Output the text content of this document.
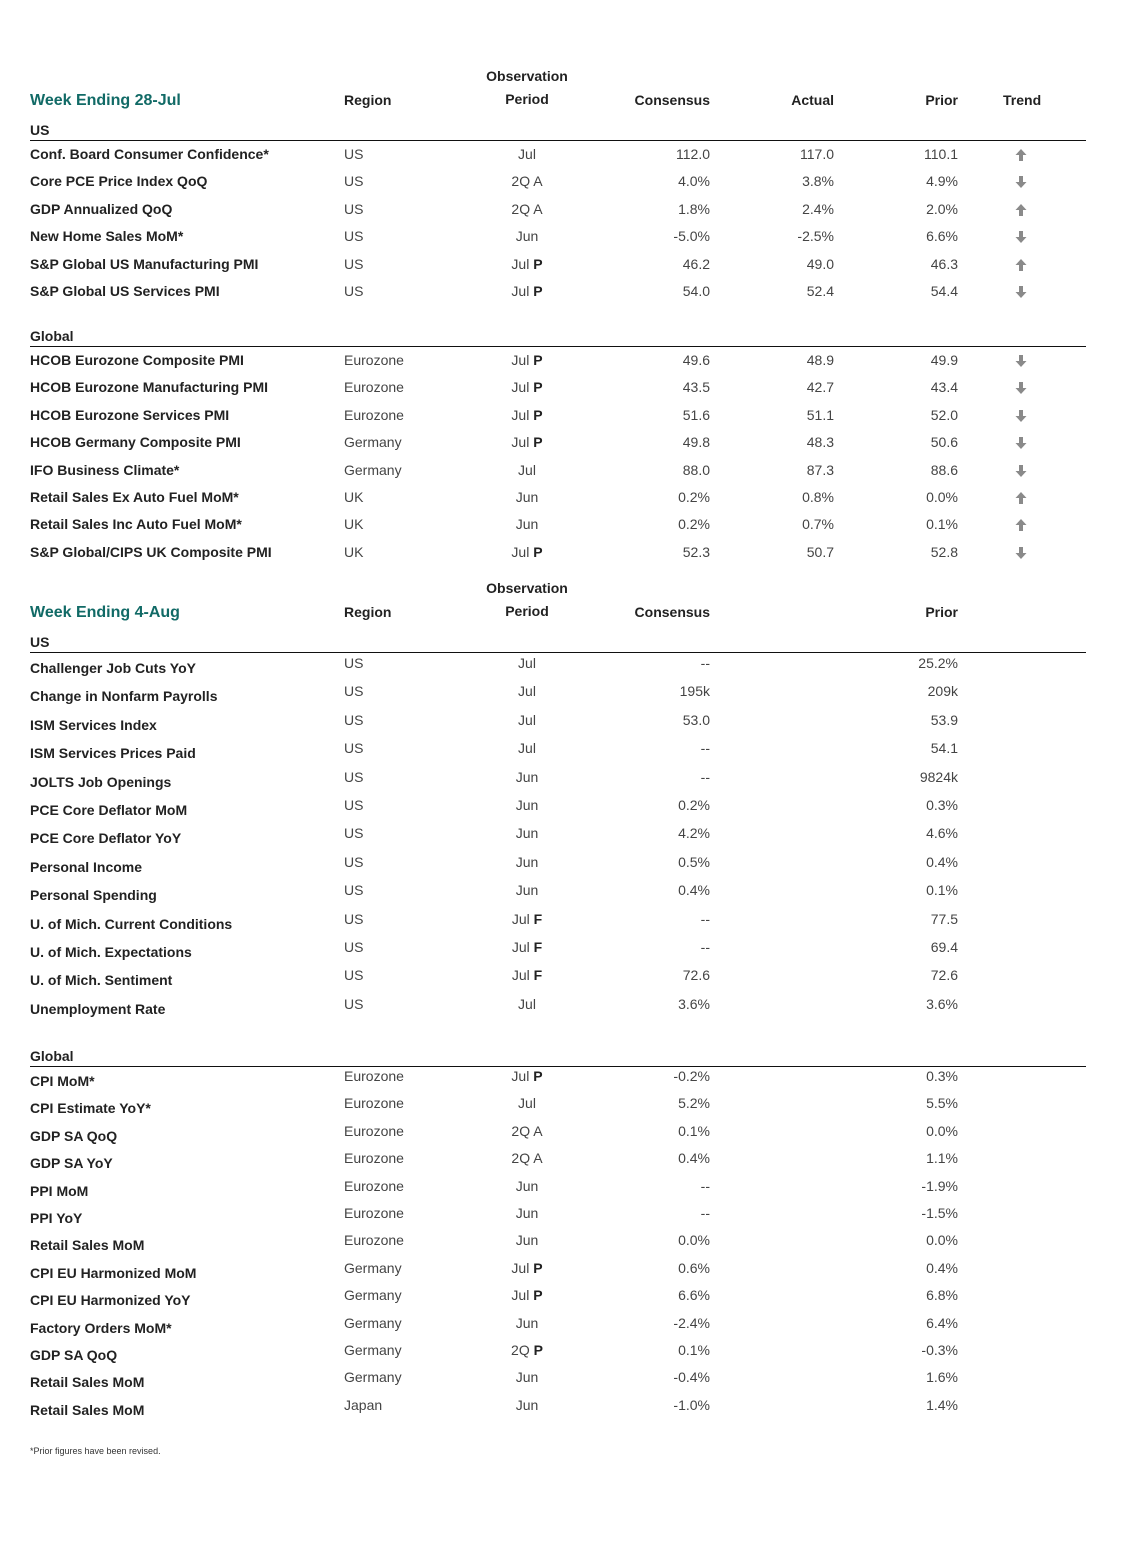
Week Ending 28-Jul	Region
Observation
Period	Consensus	Actual	Prior	Trend
US
Conf. Board Consumer Confidence*	US	Jul	112.0	117.0	110.1
Core PCE Price Index QoQ	US	2Q A	4.0%	3.8%	4.9%
GDP Annualized QoQ	US	2Q A	1.8%	2.4%	2.0%
New Home Sales MoM*	US	Jun	-5.0%	-2.5%	6.6%
S&P Global US Manufacturing PMI	US	Jul P	46.2	49.0	46.3
S&P Global US Services PMI	US	Jul P	54.0	52.4	54.4
Global
HCOB Eurozone Composite PMI	Eurozone	Jul P	49.6	48.9	49.9
HCOB Eurozone Manufacturing PMI	Eurozone	Jul P	43.5	42.7	43.4
HCOB Eurozone Services PMI	Eurozone	Jul P	51.6	51.1	52.0
HCOB Germany Composite PMI	Germany	Jul P	49.8	48.3	50.6
IFO Business Climate*	Germany	Jul	88.0	87.3	88.6
Retail Sales Ex Auto Fuel MoM*	UK	Jun	0.2%	0.8%	0.0%
Retail Sales Inc Auto Fuel MoM*	UK	Jun	0.2%	0.7%	0.1%
S&P Global/CIPS UK Composite PMI	UK	Jul P	52.3	50.7	52.8
Week Ending 4-Aug	Region
Observation
Period	Consensus	Prior
US
Challenger Job Cuts YoY	US	Jul	--	25.2%
Change in Nonfarm Payrolls	US	Jul	195k	209k
ISM Services Index	US	Jul	53.0	53.9
ISM Services Prices Paid	US	Jul	--	54.1
JOLTS Job Openings	US	Jun	--	9824k
PCE Core Deflator MoM	US	Jun	0.2%	0.3%
PCE Core Deflator YoY	US	Jun	4.2%	4.6%
Personal Income	US	Jun	0.5%	0.4%
Personal Spending	US	Jun	0.4%	0.1%
U. of Mich. Current Conditions	US	Jul F	--	77.5
U. of Mich. Expectations	US	Jul F	--	69.4
U. of Mich. Sentiment	US	Jul F	72.6	72.6
Unemployment Rate	US	Jul	3.6%	3.6%
Global
CPI MoM*	Eurozone	Jul P	-0.2%	0.3%
CPI Estimate YoY*	Eurozone	Jul	5.2%	5.5%
GDP SA QoQ	Eurozone	2Q A	0.1%	0.0%
GDP SA YoY	Eurozone	2Q A	0.4%	1.1%
PPI MoM	Eurozone	Jun	--	-1.9%
PPI YoY	Eurozone	Jun	--	-1.5%
Retail Sales MoM	Eurozone	Jun	0.0%	0.0%
CPI EU Harmonized MoM	Germany	Jul P	0.6%	0.4%
CPI EU Harmonized YoY	Germany	Jul P	6.6%	6.8%
Factory Orders MoM*	Germany	Jun	-2.4%	6.4%
GDP SA QoQ	Germany	2Q P	0.1%	-0.3%
Retail Sales MoM	Germany	Jun	-0.4%	1.6%
Retail Sales MoM	Japan	Jun	-1.0%	1.4%
*Prior figures have been revised.
